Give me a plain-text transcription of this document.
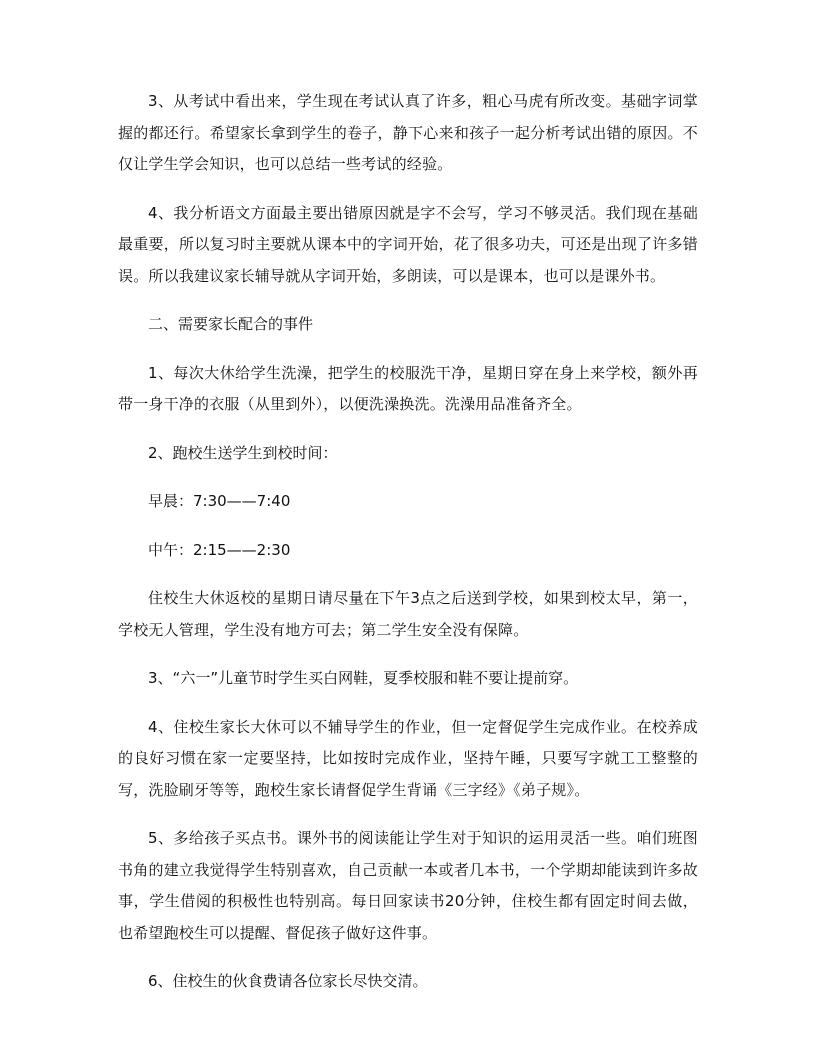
3、从考试中看出来，学生现在考试认真了许多，粗心马虎有所改变。基础字词掌握的都还行。希望家长拿到学生的卷子，静下心来和孩子一起分析考试出错的原因。不仅让学生学会知识，也可以总结一些考试的经验。

4、我分析语文方面最主要出错原因就是字不会写，学习不够灵活。我们现在基础最重要，所以复习时主要就从课本中的字词开始，花了很多功夫，可还是出现了许多错误。所以我建议家长辅导就从字词开始，多朗读，可以是课本，也可以是课外书。

二、需要家长配合的事件

1、每次大休给学生洗澡，把学生的校服洗干净，星期日穿在身上来学校，额外再带一身干净的衣服（从里到外），以便洗澡换洗。洗澡用品准备齐全。

2、跑校生送学生到校时间：

早晨：7:30——7:40

中午：2:15——2:30

住校生大休返校的星期日请尽量在下午3点之后送到学校，如果到校太早，第一，学校无人管理，学生没有地方可去；第二学生安全没有保障。

3、“六一”儿童节时学生买白网鞋，夏季校服和鞋不要让提前穿。

4、住校生家长大休可以不辅导学生的作业，但一定督促学生完成作业。在校养成的良好习惯在家一定要坚持，比如按时完成作业，坚持午睡，只要写字就工工整整的写，洗脸刷牙等等，跑校生家长请督促学生背诵《三字经》《弟子规》。

5、多给孩子买点书。课外书的阅读能让学生对于知识的运用灵活一些。咱们班图书角的建立我觉得学生特别喜欢，自己贡献一本或者几本书，一个学期却能读到许多故事，学生借阅的积极性也特别高。每日回家读书20分钟，住校生都有固定时间去做，也希望跑校生可以提醒、督促孩子做好这件事。

6、住校生的伙食费请各位家长尽快交清。
